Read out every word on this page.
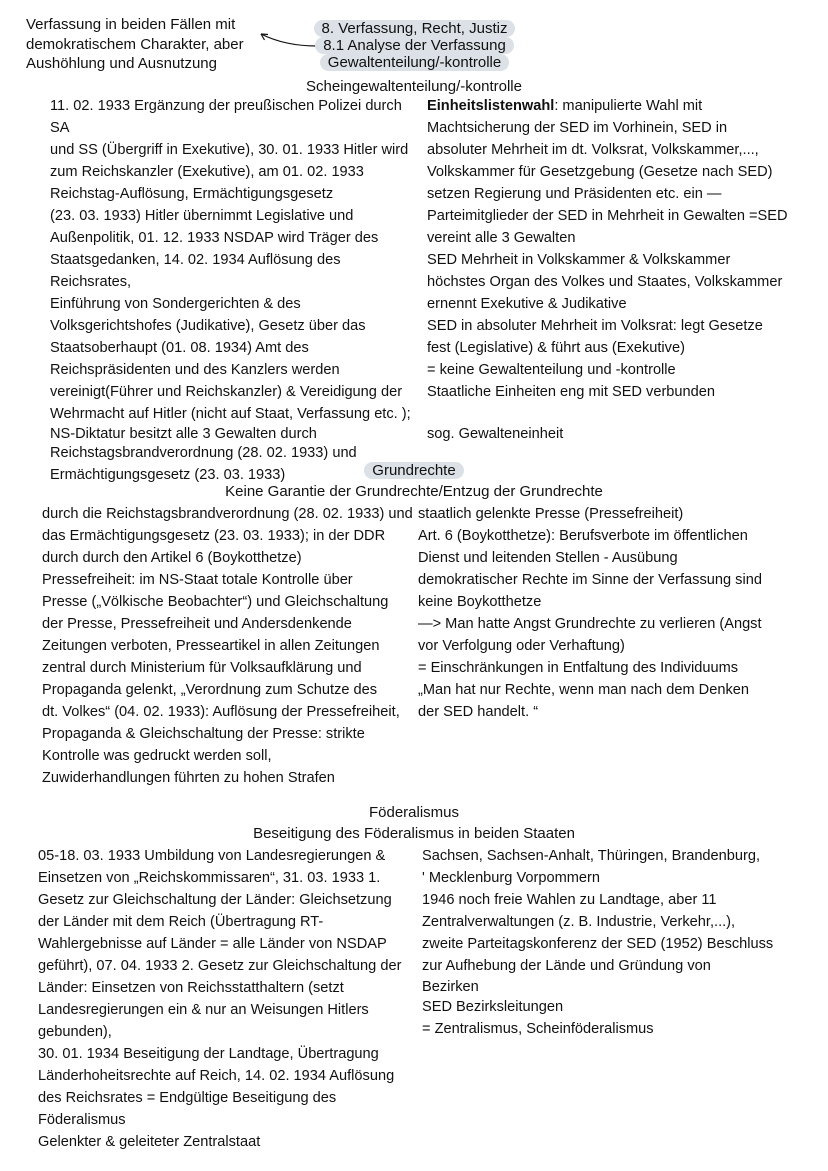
Verfassung in beiden Fällen mit
demokratischem Charakter, aber
Aushöhlung und Ausnutzung
8. Verfassung, Recht, Justiz
8.1 Analyse der Verfassung
Gewaltenteilung/-kontrolle
Scheingewaltenteilung/-kontrolle

11. 02. 1933 Ergänzung der preußischen Polizei durch SA

und SS (Übergriff in Exekutive), 30. 01. 1933 Hitler wird

zum Reichskanzler (Exekutive), am 01. 02. 1933

Reichstag-Auflösung, Ermächtigungsgesetz

(23. 03. 1933) Hitler übernimmt Legislative und

Außenpolitik, 01. 12. 1933 NSDAP wird Träger des

Staatsgedanken, 14. 02. 1934 Auflösung des Reichsrates,

Einführung von Sondergerichten & des

Volksgerichtshofes (Judikative), Gesetz über das

Staatsoberhaupt (01. 08. 1934) Amt des

Reichspräsidenten und des Kanzlers werden

vereinigt(Führer und Reichskanzler) & Vereidigung der

Wehrmacht auf Hitler (nicht auf Staat, Verfassung etc. );

NS-Diktatur besitzt alle 3 Gewalten durch

Reichstagsbrandverordnung (28. 02. 1933) und

Ermächtigungsgesetz (23. 03. 1933)

Einheitslistenwahl: manipulierte Wahl mit

Machtsicherung der SED im Vorhinein, SED in

absoluter Mehrheit im dt. Volksrat, Volkskammer,...,

Volkskammer für Gesetzgebung (Gesetze nach SED)

setzen Regierung und Präsidenten etc. ein —

Parteimitglieder der SED in Mehrheit in Gewalten =SED

vereint alle 3 Gewalten

SED Mehrheit in Volkskammer & Volkskammer

höchstes Organ des Volkes und Staates, Volkskammer

ernennt Exekutive & Judikative

SED in absoluter Mehrheit im Volksrat: legt Gesetze

fest (Legislative) & führt aus (Exekutive)

= keine Gewaltenteilung und -kontrolle

Staatliche Einheiten eng mit SED verbunden

sog. Gewalteneinheit
Grundrechte
Keine Garantie der Grundrechte/Entzug der Grundrechte

durch die Reichstagsbrandverordnung (28. 02. 1933) und

das Ermächtigungsgesetz (23. 03. 1933); in der DDR

durch durch den Artikel 6 (Boykotthetze)

Pressefreiheit: im NS-Staat totale Kontrolle über

Presse („Völkische Beobachter“) und Gleichschaltung

der Presse, Pressefreiheit und Andersdenkende

Zeitungen verboten, Presseartikel in allen Zeitungen

zentral durch Ministerium für Volksaufklärung und

Propaganda gelenkt, „Verordnung zum Schutze des

dt. Volkes“ (04. 02. 1933): Auflösung der Pressefreiheit,

Propaganda & Gleichschaltung der Presse: strikte

Kontrolle was gedruckt werden soll,

Zuwiderhandlungen führten zu hohen Strafen

staatlich gelenkte Presse (Pressefreiheit)

Art. 6 (Boykotthetze): Berufsverbote im öffentlichen

Dienst und leitenden Stellen - Ausübung

demokratischer Rechte im Sinne der Verfassung sind

keine Boykotthetze

—> Man hatte Angst Grundrechte zu verlieren (Angst

vor Verfolgung oder Verhaftung)

= Einschränkungen in Entfaltung des Individuums

„Man hat nur Rechte, wenn man nach dem Denken

der SED handelt. “

Föderalismus
Beseitigung des Föderalismus in beiden Staaten

05-18. 03. 1933 Umbildung von Landesregierungen &

Einsetzen von „Reichskommissaren“, 31. 03. 1933 1.

Gesetz zur Gleichschaltung der Länder: Gleichsetzung

der Länder mit dem Reich (Übertragung RT-

Wahlergebnisse auf Länder = alle Länder von NSDAP

geführt), 07. 04. 1933 2. Gesetz zur Gleichschaltung der

Länder: Einsetzen von Reichsstatthaltern (setzt

Landesregierungen ein & nur an Weisungen Hitlers

gebunden),

30. 01. 1934 Beseitigung der Landtage, Übertragung

Länderhoheitsrechte auf Reich, 14. 02. 1934 Auflösung

des Reichsrates = Endgültige Beseitigung des

Föderalismus

Gelenkter & geleiteter Zentralstaat

Sachsen, Sachsen-Anhalt, Thüringen, Brandenburg,

' Mecklenburg Vorpommern

1946 noch freie Wahlen zu Landtage, aber 11

Zentralverwaltungen (z. B. Industrie, Verkehr,...),

zweite Parteitagskonferenz der SED (1952) Beschluss

zur Aufhebung der Lände und Gründung von

Bezirken

SED Bezirksleitungen

= Zentralismus, Scheinföderalismus
